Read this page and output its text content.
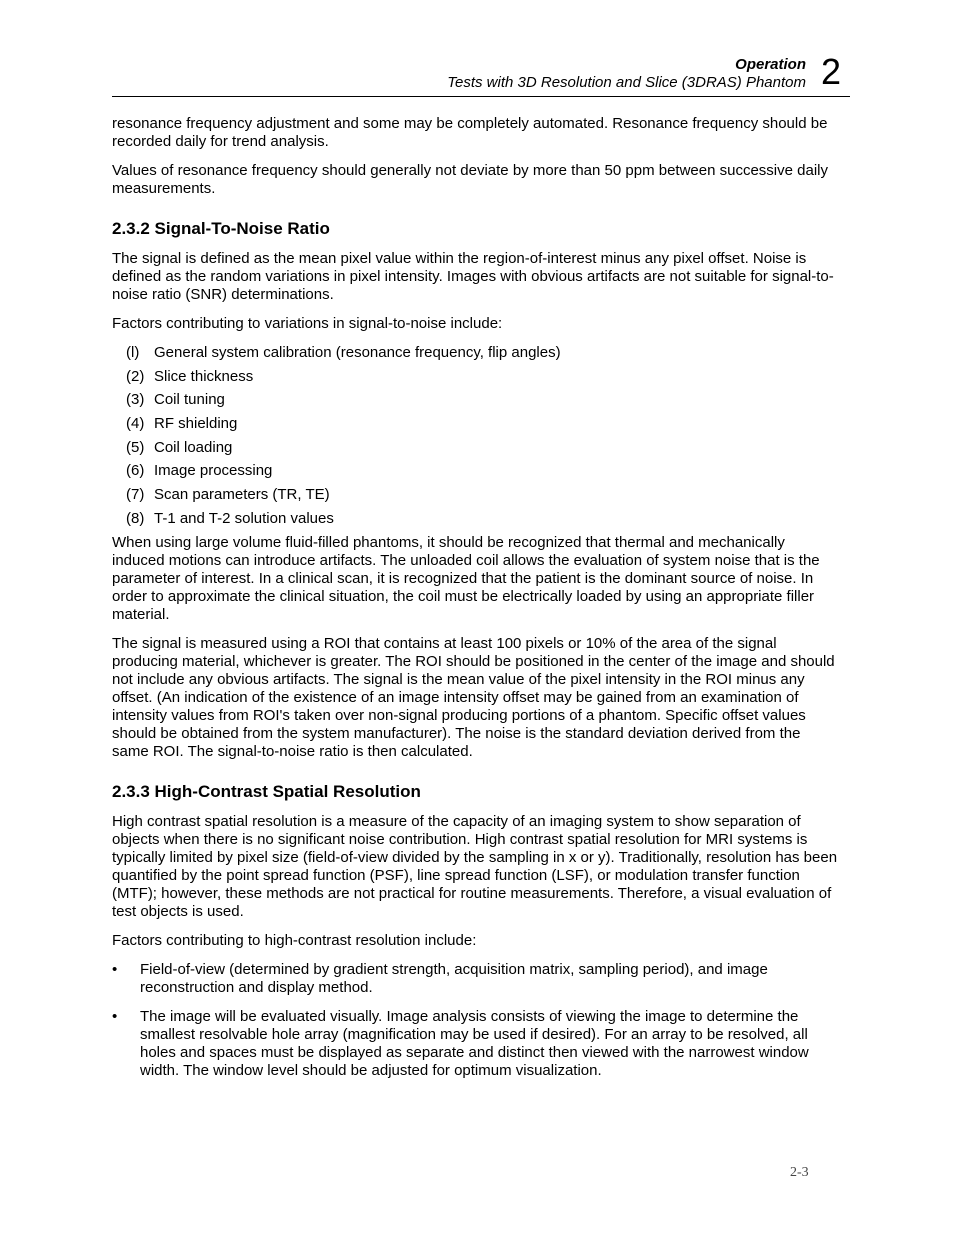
Operation
Tests with 3D Resolution and Slice (3DRAS) Phantom 2

resonance frequency adjustment and some may be completely automated. Resonance frequency should be recorded daily for trend analysis.

Values of resonance frequency should generally not deviate by more than 50 ppm between successive daily measurements.

2.3.2 Signal-To-Noise Ratio

The signal is defined as the mean pixel value within the region-of-interest minus any pixel offset. Noise is defined as the random variations in pixel intensity. Images with obvious artifacts are not suitable for signal-to-noise ratio (SNR) determinations.

Factors contributing to variations in signal-to-noise include:

(l) General system calibration (resonance frequency, flip angles)
(2) Slice thickness
(3) Coil tuning
(4) RF shielding
(5) Coil loading
(6) Image processing
(7) Scan parameters (TR, TE)
(8) T-1 and T-2 solution values

When using large volume fluid-filled phantoms, it should be recognized that thermal and mechanically induced motions can introduce artifacts. The unloaded coil allows the evaluation of system noise that is the parameter of interest. In a clinical scan, it is recognized that the patient is the dominant source of noise. In order to approximate the clinical situation, the coil must be electrically loaded by using an appropriate filler material.

The signal is measured using a ROI that contains at least 100 pixels or 10% of the area of the signal producing material, whichever is greater. The ROI should be positioned in the center of the image and should not include any obvious artifacts. The signal is the mean value of the pixel intensity in the ROI minus any offset. (An indication of the existence of an image intensity offset may be gained from an examination of intensity values from ROI's taken over non-signal producing portions of a phantom. Specific offset values should be obtained from the system manufacturer). The noise is the standard deviation derived from the same ROI. The signal-to-noise ratio is then calculated.

2.3.3 High-Contrast Spatial Resolution

High contrast spatial resolution is a measure of the capacity of an imaging system to show separation of objects when there is no significant noise contribution. High contrast spatial resolution for MRI systems is typically limited by pixel size (field-of-view divided by the sampling in x or y). Traditionally, resolution has been quantified by the point spread function (PSF), line spread function (LSF), or modulation transfer function (MTF); however, these methods are not practical for routine measurements. Therefore, a visual evaluation of test objects is used.

Factors contributing to high-contrast resolution include:

•	Field-of-view (determined by gradient strength, acquisition matrix, sampling period), and image reconstruction and display method.
•	The image will be evaluated visually. Image analysis consists of viewing the image to determine the smallest resolvable hole array (magnification may be used if desired). For an array to be resolved, all holes and spaces must be displayed as separate and distinct then viewed with the narrowest window width. The window level should be adjusted for optimum visualization.
2-3
